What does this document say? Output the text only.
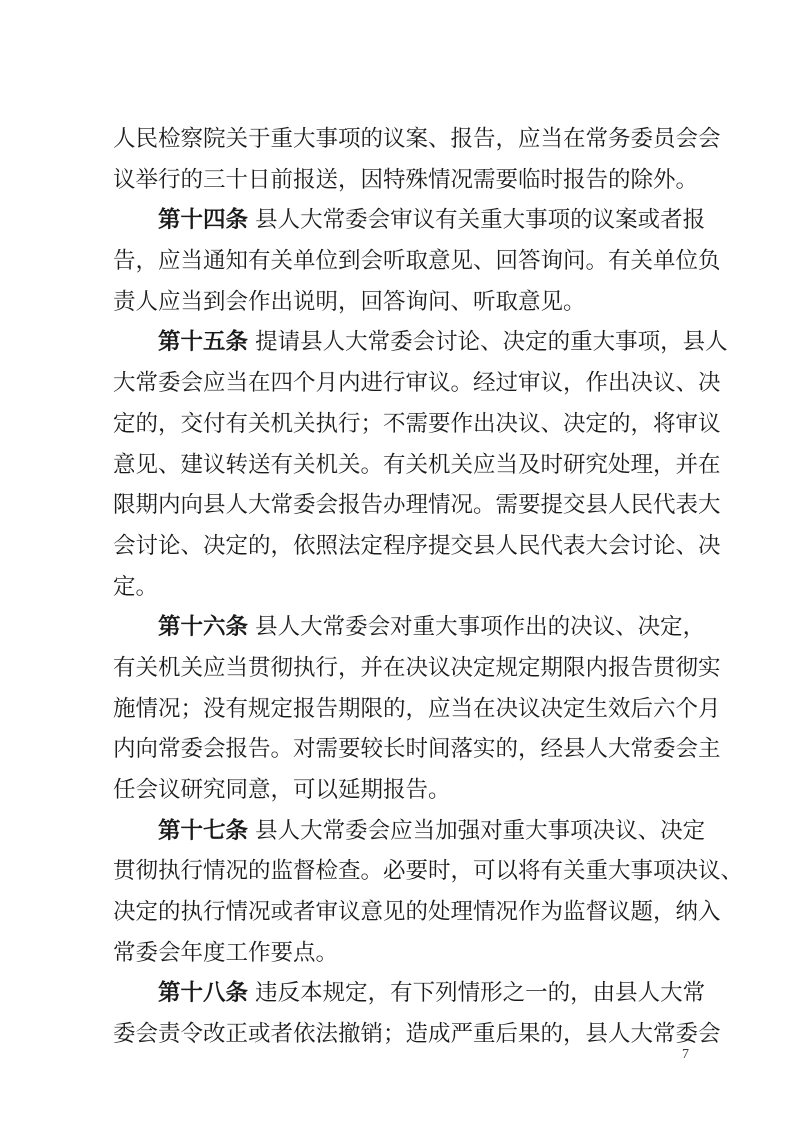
人民检察院关于重大事项的议案、报告，应当在常务委员会会
议举行的三十日前报送，因特殊情况需要临时报告的除外。
第十四条 县人大常委会审议有关重大事项的议案或者报
告，应当通知有关单位到会听取意见、回答询问。有关单位负
责人应当到会作出说明，回答询问、听取意见。
第十五条 提请县人大常委会讨论、决定的重大事项，县人
大常委会应当在四个月内进行审议。经过审议，作出决议、决
定的，交付有关机关执行；不需要作出决议、决定的，将审议
意见、建议转送有关机关。有关机关应当及时研究处理，并在
限期内向县人大常委会报告办理情况。需要提交县人民代表大
会讨论、决定的，依照法定程序提交县人民代表大会讨论、决
定。
第十六条 县人大常委会对重大事项作出的决议、决定，
有关机关应当贯彻执行，并在决议决定规定期限内报告贯彻实
施情况；没有规定报告期限的，应当在决议决定生效后六个月
内向常委会报告。对需要较长时间落实的，经县人大常委会主
任会议研究同意，可以延期报告。
第十七条 县人大常委会应当加强对重大事项决议、决定
贯彻执行情况的监督检查。必要时，可以将有关重大事项决议、
决定的执行情况或者审议意见的处理情况作为监督议题，纳入
常委会年度工作要点。
第十八条 违反本规定，有下列情形之一的，由县人大常
委会责令改正或者依法撤销；造成严重后果的，县人大常委会
7
